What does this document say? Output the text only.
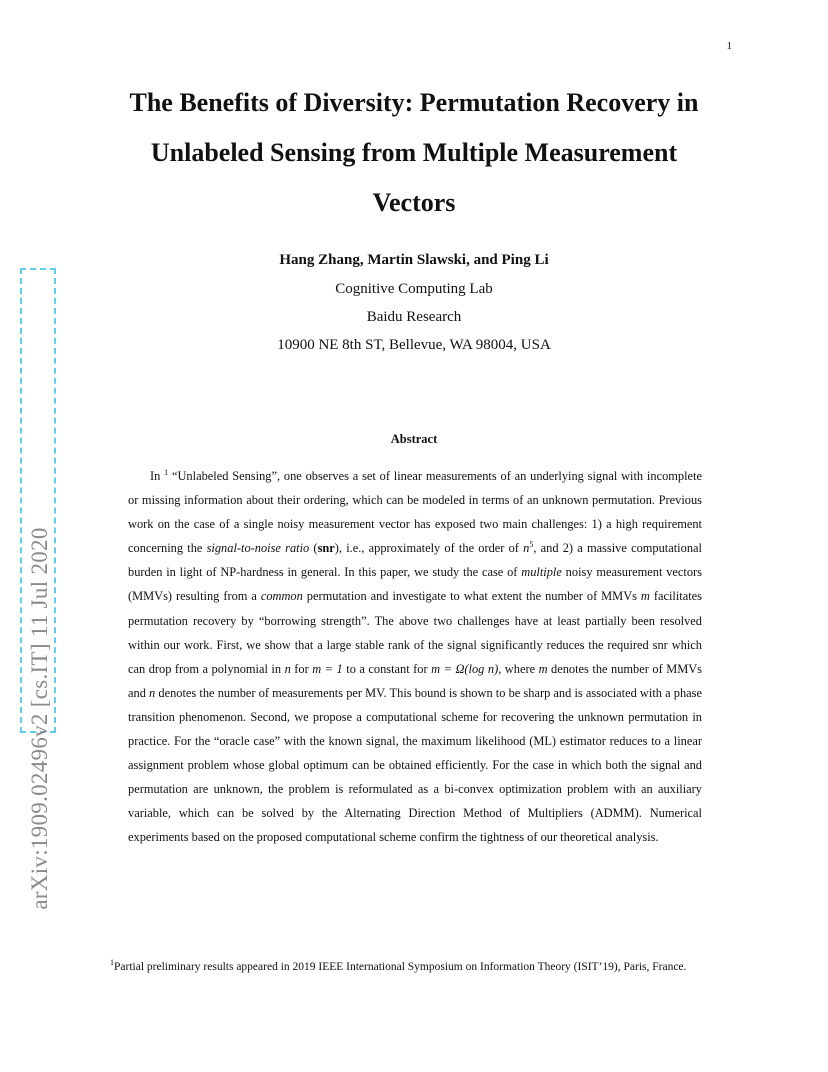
1
arXiv:1909.02496v2 [cs.IT] 11 Jul 2020
The Benefits of Diversity: Permutation Recovery in
Unlabeled Sensing from Multiple Measurement
Vectors
Hang Zhang, Martin Slawski, and Ping Li
Cognitive Computing Lab
Baidu Research
10900 NE 8th ST, Bellevue, WA 98004, USA
Abstract
In $^1$ “Unlabeled Sensing”, one observes a set of linear measurements of an underlying signal with incomplete or missing information about their ordering, which can be modeled in terms of an unknown permutation. Previous work on the case of a single noisy measurement vector has exposed two main challenges: 1) a high requirement concerning the signal-to-noise ratio (snr), i.e., approximately of the order of $n^5$, and 2) a massive computational burden in light of NP-hardness in general. In this paper, we study the case of multiple noisy measurement vectors (MMVs) resulting from a common permutation and investigate to what extent the number of MMVs m facilitates permutation recovery by “borrowing strength”. The above two challenges have at least partially been resolved within our work. First, we show that a large stable rank of the signal significantly reduces the required snr which can drop from a polynomial in n for m = 1 to a constant for m = Ω(log n), where m denotes the number of MMVs and n denotes the number of measurements per MV. This bound is shown to be sharp and is associated with a phase transition phenomenon. Second, we propose a computational scheme for recovering the unknown permutation in practice. For the “oracle case” with the known signal, the maximum likelihood (ML) estimator reduces to a linear assignment problem whose global optimum can be obtained efficiently. For the case in which both the signal and permutation are unknown, the problem is reformulated as a bi-convex optimization problem with an auxiliary variable, which can be solved by the Alternating Direction Method of Multipliers (ADMM). Numerical experiments based on the proposed computational scheme confirm the tightness of our theoretical analysis.
$^1$Partial preliminary results appeared in 2019 IEEE International Symposium on Information Theory (ISIT’19), Paris, France.
